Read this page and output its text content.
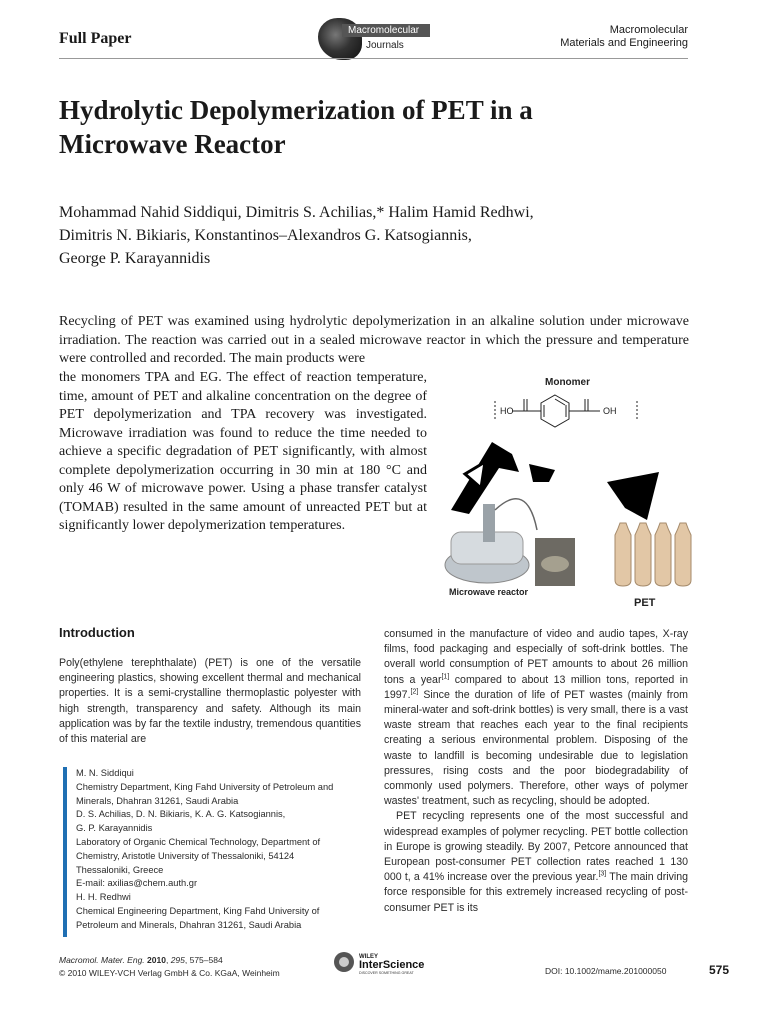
Full Paper	Macromolecular
Journals
Macromolecular
Materials and Engineering
Hydrolytic Depolymerization of PET in a
Microwave Reactor
Mohammad Nahid Siddiqui, Dimitris S. Achilias,* Halim Hamid Redhwi,
Dimitris N. Bikiaris, Konstantinos–Alexandros G. Katsogiannis,
George P. Karayannidis
Recycling of PET was examined using hydrolytic depolymerization in an alkaline solution under microwave irradiation. The reaction was carried out in a sealed microwave reactor in which the pressure and temperature were controlled and recorded. The main products were
the monomers TPA and EG. The effect of reaction temperature, time, amount of PET and alkaline concentration on the degree of PET depolymerization and TPA recovery was investigated. Microwave irradiation was found to reduce the time needed to achieve a specific degradation of PET significantly, with almost complete depolymerization occurring in 30 min at 180 °C and only 46 W of microwave power. Using a phase transfer catalyst (TOMAB) resulted in the same amount of unreacted PET but at significantly lower depolymerization temperatures.
Monomer
HO	OH
Microwave reactor
PET
Introduction
Poly(ethylene terephthalate) (PET) is one of the versatile engineering plastics, showing excellent thermal and mechanical properties. It is a semi-crystalline thermoplastic polyester with high strength, transparency and safety. Although its main application was by far the textile industry, tremendous quantities of this material are
M. N. Siddiqui
Chemistry Department, King Fahd University of Petroleum and
Minerals, Dhahran 31261, Saudi Arabia
D. S. Achilias, D. N. Bikiaris, K. A. G. Katsogiannis,
G. P. Karayannidis
Laboratory of Organic Chemical Technology, Department of
Chemistry, Aristotle University of Thessaloniki, 54124
Thessaloniki, Greece
E-mail: axilias@chem.auth.gr
H. H. Redhwi
Chemical Engineering Department, King Fahd University of
Petroleum and Minerals, Dhahran 31261, Saudi Arabia

consumed in the manufacture of video and audio tapes, X-ray films, food packaging and especially of soft-drink bottles. The overall world consumption of PET amounts to about 26 million tons a year[1] compared to about 13 million tons, reported in 1997.[2] Since the duration of life of PET wastes (mainly from mineral-water and soft-drink bottles) is very small, there is a vast waste stream that reaches each year to the final recipients creating a serious environmental problem. Disposing of the waste to landfill is becoming undesirable due to legislation pressures, rising costs and the poor biodegradability of commonly used polymers. Therefore, other ways of polymer wastes' treatment, such as recycling, should be adopted.

PET recycling represents one of the most successful and widespread examples of polymer recycling. PET bottle collection in Europe is growing steadily. By 2007, Petcore announced that European post-consumer PET collection rates reached 1 130 000 t, a 41% increase over the previous year.[3] The main driving force responsible for this extremely increased recycling of post-consumer PET is its

Macromol. Mater. Eng. 2010, 295, 575–584
© 2010 WILEY-VCH Verlag GmbH & Co. KGaA, Weinheim
WILEY
InterScience
DISCOVER SOMETHING GREAT	DOI: 10.1002/mame.201000050	575
